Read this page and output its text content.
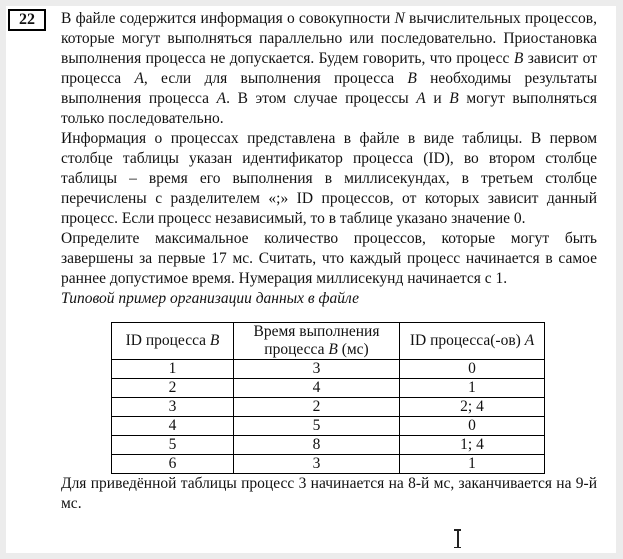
22 В файле содержится информация о совокупности N вычислительных процессов, которые могут выполняться параллельно или последовательно. Приостановка выполнения процесса не допускается. Будем говорить, что процесс B зависит от процесса A, если для выполнения процесса B необходимы результаты выполнения процесса A. В этом случае процессы A и B могут выполняться только последовательно.

Информация о процессах представлена в файле в виде таблицы. В первом столбце таблицы указан идентификатор процесса (ID), во втором столбце таблицы – время его выполнения в миллисекундах, в третьем столбце перечислены с разделителем «;» ID процессов, от которых зависит данный процесс. Если процесс независимый, то в таблице указано значение 0.

Определите максимальное количество процессов, которые могут быть завершены за первые 17 мс. Считать, что каждый процесс начинается в самое раннее допустимое время. Нумерация миллисекунд начинается с 1.

Типовой пример организации данных в файле

ID процесса B	Время выполнения процесса B (мс)	ID процесса(-ов) A
1	3	0
2	4	1
3	2	2; 4
4	5	0
5	8	1; 4
6	3	1

Для приведённой таблицы процесс 3 начинается на 8-й мс, заканчивается на 9-й мс.
